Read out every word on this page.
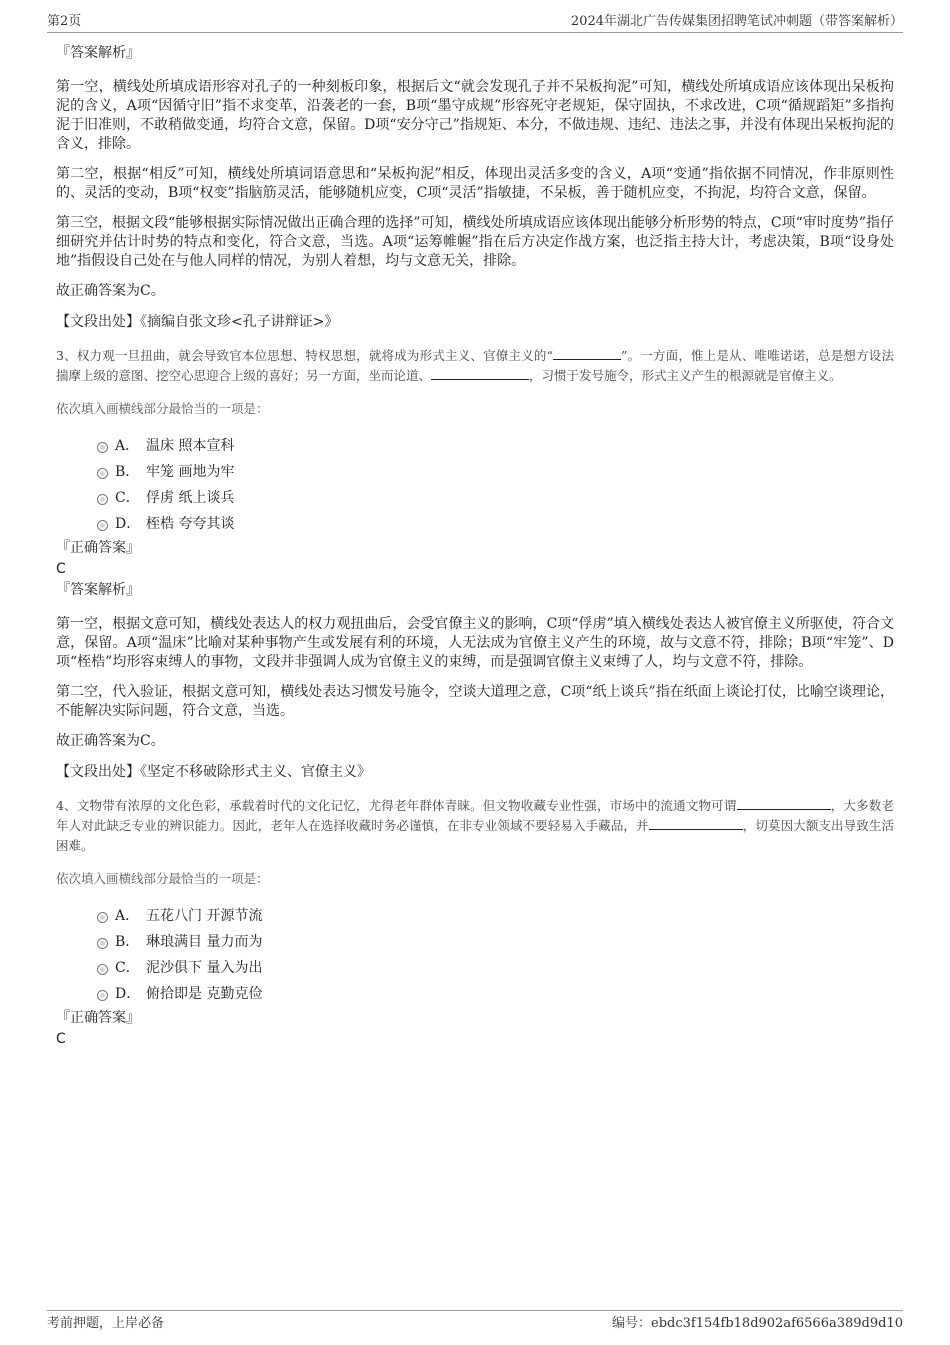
第2页	2024年湖北广告传媒集团招聘笔试冲刺题（带答案解析）
『答案解析』

第一空，横线处所填成语形容对孔子的一种刻板印象，根据后文“就会发现孔子并不呆板拘泥”可知，横线处所填成语应该体现出呆板拘泥的含义，A项“因循守旧”指不求变革，沿袭老的一套，B项“墨守成规”形容死守老规矩，保守固执，不求改进，C项“循规蹈矩”多指拘泥于旧准则，不敢稍做变通，均符合文意，保留。D项“安分守己”指规矩、本分，不做违规、违纪、违法之事，并没有体现出呆板拘泥的含义，排除。

第二空，根据“相反”可知，横线处所填词语意思和“呆板拘泥”相反，体现出灵活多变的含义，A项“变通”指依据不同情况，作非原则性的、灵活的变动，B项“权变”指脑筋灵活，能够随机应变，C项“灵活”指敏捷，不呆板，善于随机应变，不拘泥，均符合文意，保留。

第三空，根据文段“能够根据实际情况做出正确合理的选择”可知，横线处所填成语应该体现出能够分析形势的特点，C项“审时度势”指仔细研究并估计时势的特点和变化，符合文意，当选。A项“运筹帷幄”指在后方决定作战方案，也泛指主持大计，考虑决策，B项“设身处地”指假设自己处在与他人同样的情况，为别人着想，均与文意无关，排除。

故正确答案为C。

【文段出处】《摘编自张文珍<孔子讲辩证>》

3、权力观一旦扭曲，就会导致官本位思想、特权思想，就将成为形式主义、官僚主义的“	”。一方面，惟上是从、唯唯诺诺，总是想方设法揣摩上级的意图、挖空心思迎合上级的喜好；另一方面，坐而论道、	，习惯于发号施令，形式主义产生的根源就是官僚主义。

依次填入画横线部分最恰当的一项是：
A． 温床 照本宣科
B． 牢笼 画地为牢
C． 俘虏 纸上谈兵
D． 桎梏 夸夸其谈
『正确答案』
C
『答案解析』

第一空，根据文意可知，横线处表达人的权力观扭曲后，会受官僚主义的影响，C项“俘虏”填入横线处表达人被官僚主义所驱使，符合文意，保留。A项“温床”比喻对某种事物产生或发展有利的环境，人无法成为官僚主义产生的环境，故与文意不符，排除；B项“牢笼”、D项“桎梏”均形容束缚人的事物，文段并非强调人成为官僚主义的束缚，而是强调官僚主义束缚了人，均与文意不符，排除。

第二空，代入验证，根据文意可知，横线处表达习惯发号施令，空谈大道理之意，C项“纸上谈兵”指在纸面上谈论打仗，比喻空谈理论，不能解决实际问题，符合文意，当选。

故正确答案为C。

【文段出处】《坚定不移破除形式主义、官僚主义》

4、文物带有浓厚的文化色彩，承载着时代的文化记忆，尤得老年群体青睐。但文物收藏专业性强，市场中的流通文物可谓	，大多数老年人对此缺乏专业的辨识能力。因此，老年人在选择收藏时务必谨慎，在非专业领域不要轻易入手藏品，并	，切莫因大额支出导致生活困难。

依次填入画横线部分最恰当的一项是：
A． 五花八门 开源节流
B． 琳琅满目 量力而为
C． 泥沙俱下 量入为出
D． 俯拾即是 克勤克俭
『正确答案』
C
考前押题，上岸必备	编号：ebdc3f154fb18d902af6566a389d9d10
